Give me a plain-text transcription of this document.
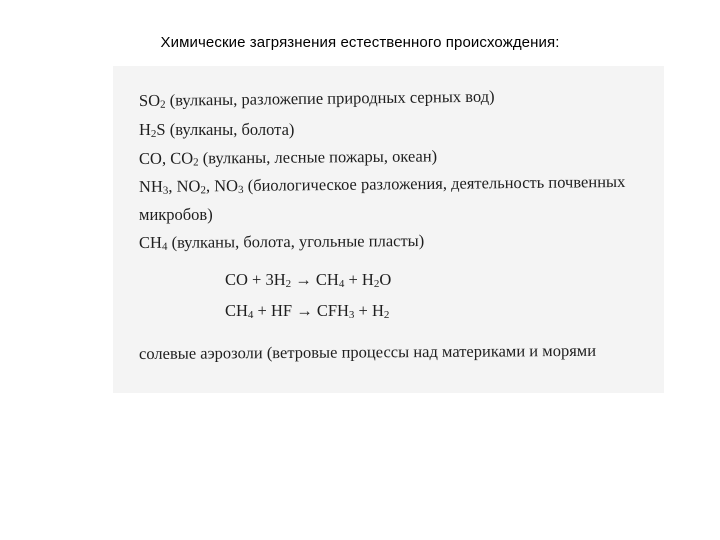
Химические загрязнения естественного происхождения:
$SO_2$ (вулканы, разложепие природных серных вод)
$H_2S$ (вулканы, болота)
CO, $CO_2$ (вулканы, лесные пожары, океан)
$NH_3$, $NO_2$, $NO_3$ (биологическое разложения, деятельность почвенных
микробов)
$CH_4$ (вулканы, болота, угольные пласты)
CO + $3H_2 \to CH_4 + H_2O$
$CH_4$ + HF → $CFH_3 + H_2$
солевые аэрозоли (ветровые процессы над материками и морями
